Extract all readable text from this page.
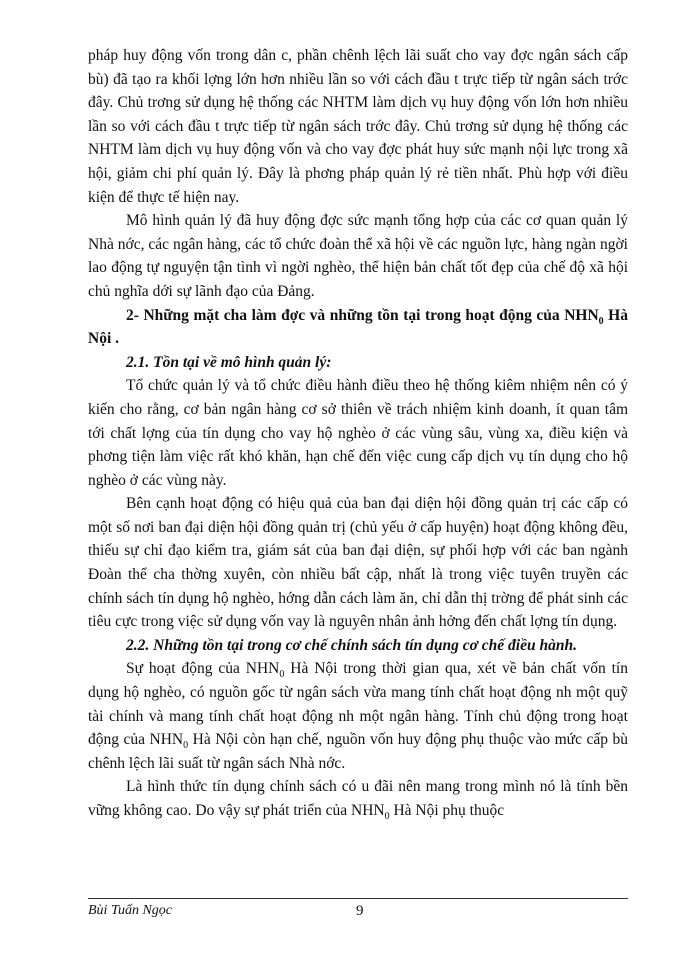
pháp huy động vốn trong dân c, phần chênh lệch lãi suất cho vay đợc ngân sách cấp bù) đã tạo ra khối lợng lớn hơn nhiều lần so với cách đầu t trực tiếp từ ngân sách trớc đây. Chủ trơng sử dụng hệ thống các NHTM làm dịch vụ huy động vốn lớn hơn nhiều lần so với cách đầu t trực tiếp từ ngân sách trớc đây. Chủ trơng sử dụng hệ thống các NHTM làm dịch vụ huy động vốn và cho vay đợc phát huy sức mạnh nội lực trong xã hội, giảm chi phí quản lý. Đây là phơng pháp quản lý rẻ tiền nhất. Phù hợp với điều kiện để thực tế hiện nay.

Mô hình quản lý đã huy động đợc sức mạnh tổng hợp của các cơ quan quản lý Nhà nớc, các ngân hàng, các tổ chức đoàn thể xã hội về các nguồn lực, hàng ngàn ngời lao động tự nguyện tận tình vì ngời nghèo, thể hiện bản chất tốt đẹp của chế độ xã hội chủ nghĩa dới sự lãnh đạo của Đảng.

2- Những mặt cha làm đợc và những tồn tại trong hoạt động của $NHN_0$ Hà Nội .

2.1. Tồn tại về mô hình quản lý:

Tổ chức quản lý và tổ chức điều hành điều theo hệ thống kiêm nhiệm nên có ý kiến cho rằng, cơ bản ngân hàng cơ sở thiên về trách nhiệm kinh doanh, ít quan tâm tới chất lợng của tín dụng cho vay hộ nghèo ở các vùng sâu, vùng xa, điều kiện và phơng tiện làm việc rất khó khăn, hạn chế đến việc cung cấp dịch vụ tín dụng cho hộ nghèo ở các vùng này.

Bên cạnh hoạt động có hiệu quả của ban đại diện hội đồng quản trị các cấp có một số nơi ban đại diện hội đồng quản trị (chủ yếu ở cấp huyện) hoạt động không đều, thiếu sự chỉ đạo kiểm tra, giám sát của ban đại diện, sự phối hợp với các ban ngành Đoàn thể cha thờng xuyên, còn nhiều bất cập, nhất là trong việc tuyên truyền các chính sách tín dụng hộ nghèo, hớng dẫn cách làm ăn, chỉ dẫn thị trờng để phát sinh các tiêu cực trong việc sử dụng vốn vay là nguyên nhân ảnh hởng đến chất lợng tín dụng.

2.2. Những tồn tại trong cơ chế chính sách tín dụng cơ chế điều hành.

Sự hoạt động của $NHN_0$ Hà Nội trong thời gian qua, xét về bản chất vốn tín dụng hộ nghèo, có nguồn gốc từ ngân sách vừa mang tính chất hoạt động nh một quỹ tài chính và mang tính chất hoạt động nh một ngân hàng. Tính chủ động trong hoạt động của $NHN_0$ Hà Nội còn hạn chế, nguồn vốn huy động phụ thuộc vào mức cấp bù chênh lệch lãi suất từ ngân sách Nhà nớc.

Là hình thức tín dụng chính sách có u đãi nên mang trong mình nó là tính bền vững không cao. Do vậy sự phát triển của $NHN_0$ Hà Nội phụ thuộc

Bùi Tuấn Ngọc	9
